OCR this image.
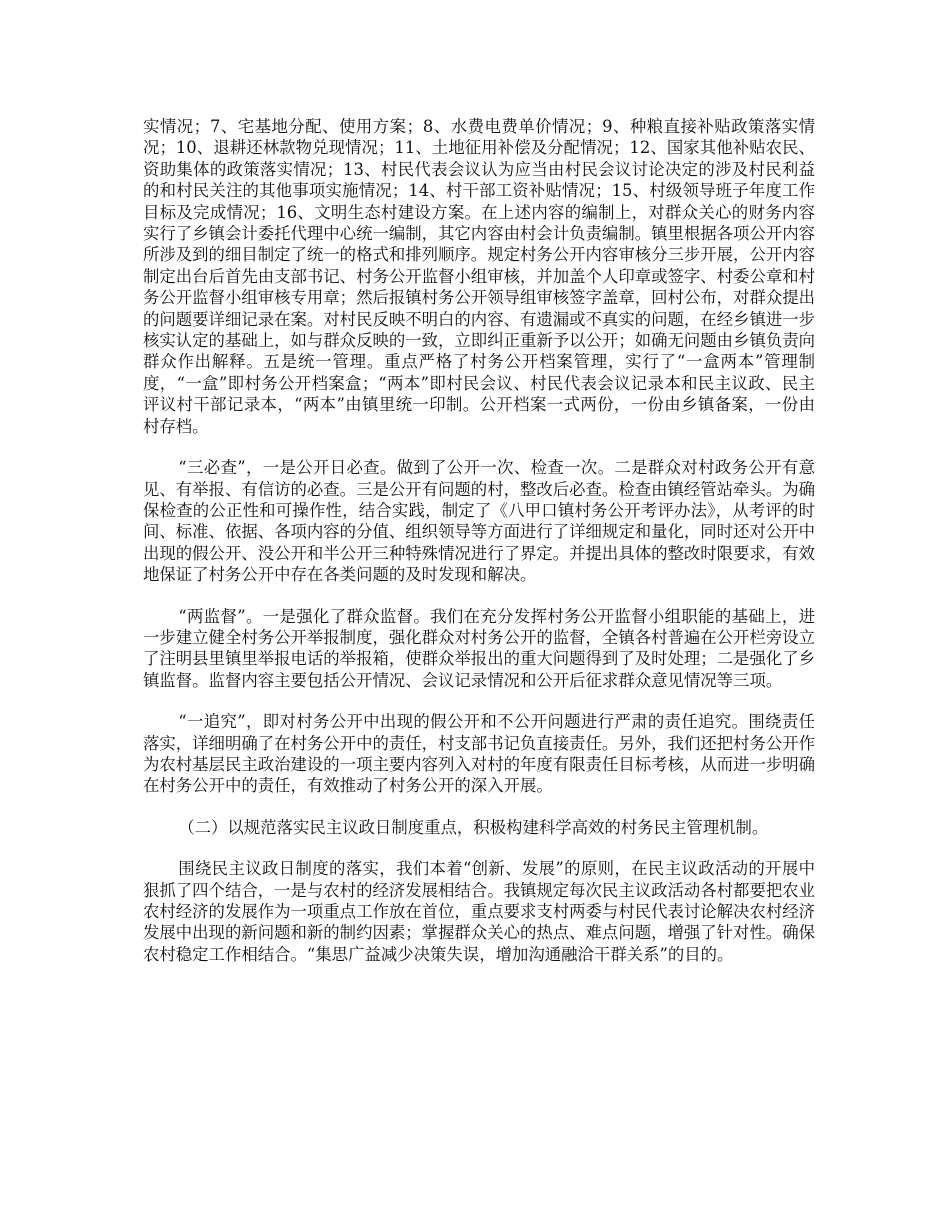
实情况；7、宅基地分配、使用方案；8、水费电费单价情况；9、种粮直接补贴政策落实情况；10、退耕还林款物兑现情况；11、土地征用补偿及分配情况；12、国家其他补贴农民、资助集体的政策落实情况；13、村民代表会议认为应当由村民会议讨论决定的涉及村民利益的和村民关注的其他事项实施情况；14、村干部工资补贴情况；15、村级领导班子年度工作目标及完成情况；16、文明生态村建设方案。在上述内容的编制上，对群众关心的财务内容实行了乡镇会计委托代理中心统一编制，其它内容由村会计负责编制。镇里根据各项公开内容所涉及到的细目制定了统一的格式和排列顺序。规定村务公开内容审核分三步开展，公开内容制定出台后首先由支部书记、村务公开监督小组审核，并加盖个人印章或签字、村委公章和村务公开监督小组审核专用章；然后报镇村务公开领导组审核签字盖章，回村公布，对群众提出的问题要详细记录在案。对村民反映不明白的内容、有遗漏或不真实的问题，在经乡镇进一步核实认定的基础上，如与群众反映的一致，立即纠正重新予以公开；如确无问题由乡镇负责向群众作出解释。五是统一管理。重点严格了村务公开档案管理，实行了“一盒两本”管理制度，“一盒”即村务公开档案盒；“两本”即村民会议、村民代表会议记录本和民主议政、民主评议村干部记录本，“两本”由镇里统一印制。公开档案一式两份，一份由乡镇备案，一份由村存档。

“三必查”，一是公开日必查。做到了公开一次、检查一次。二是群众对村政务公开有意见、有举报、有信访的必查。三是公开有问题的村，整改后必查。检查由镇经管站牵头。为确保检查的公正性和可操作性，结合实践，制定了《八甲口镇村务公开考评办法》，从考评的时间、标准、依据、各项内容的分值、组织领导等方面进行了详细规定和量化，同时还对公开中出现的假公开、没公开和半公开三种特殊情况进行了界定。并提出具体的整改时限要求，有效地保证了村务公开中存在各类问题的及时发现和解决。

“两监督”。一是强化了群众监督。我们在充分发挥村务公开监督小组职能的基础上，进一步建立健全村务公开举报制度，强化群众对村务公开的监督，全镇各村普遍在公开栏旁设立了注明县里镇里举报电话的举报箱，使群众举报出的重大问题得到了及时处理；二是强化了乡镇监督。监督内容主要包括公开情况、会议记录情况和公开后征求群众意见情况等三项。

“一追究”，即对村务公开中出现的假公开和不公开问题进行严肃的责任追究。围绕责任落实，详细明确了在村务公开中的责任，村支部书记负直接责任。另外，我们还把村务公开作为农村基层民主政治建设的一项主要内容列入对村的年度有限责任目标考核，从而进一步明确在村务公开中的责任，有效推动了村务公开的深入开展。

（二）以规范落实民主议政日制度重点，积极构建科学高效的村务民主管理机制。

围绕民主议政日制度的落实，我们本着“创新、发展”的原则，在民主议政活动的开展中狠抓了四个结合，一是与农村的经济发展相结合。我镇规定每次民主议政活动各村都要把农业农村经济的发展作为一项重点工作放在首位，重点要求支村两委与村民代表讨论解决农村经济发展中出现的新问题和新的制约因素；掌握群众关心的热点、难点问题，增强了针对性。确保农村稳定工作相结合。“集思广益减少决策失误，增加沟通融洽干群关系”的目的。
